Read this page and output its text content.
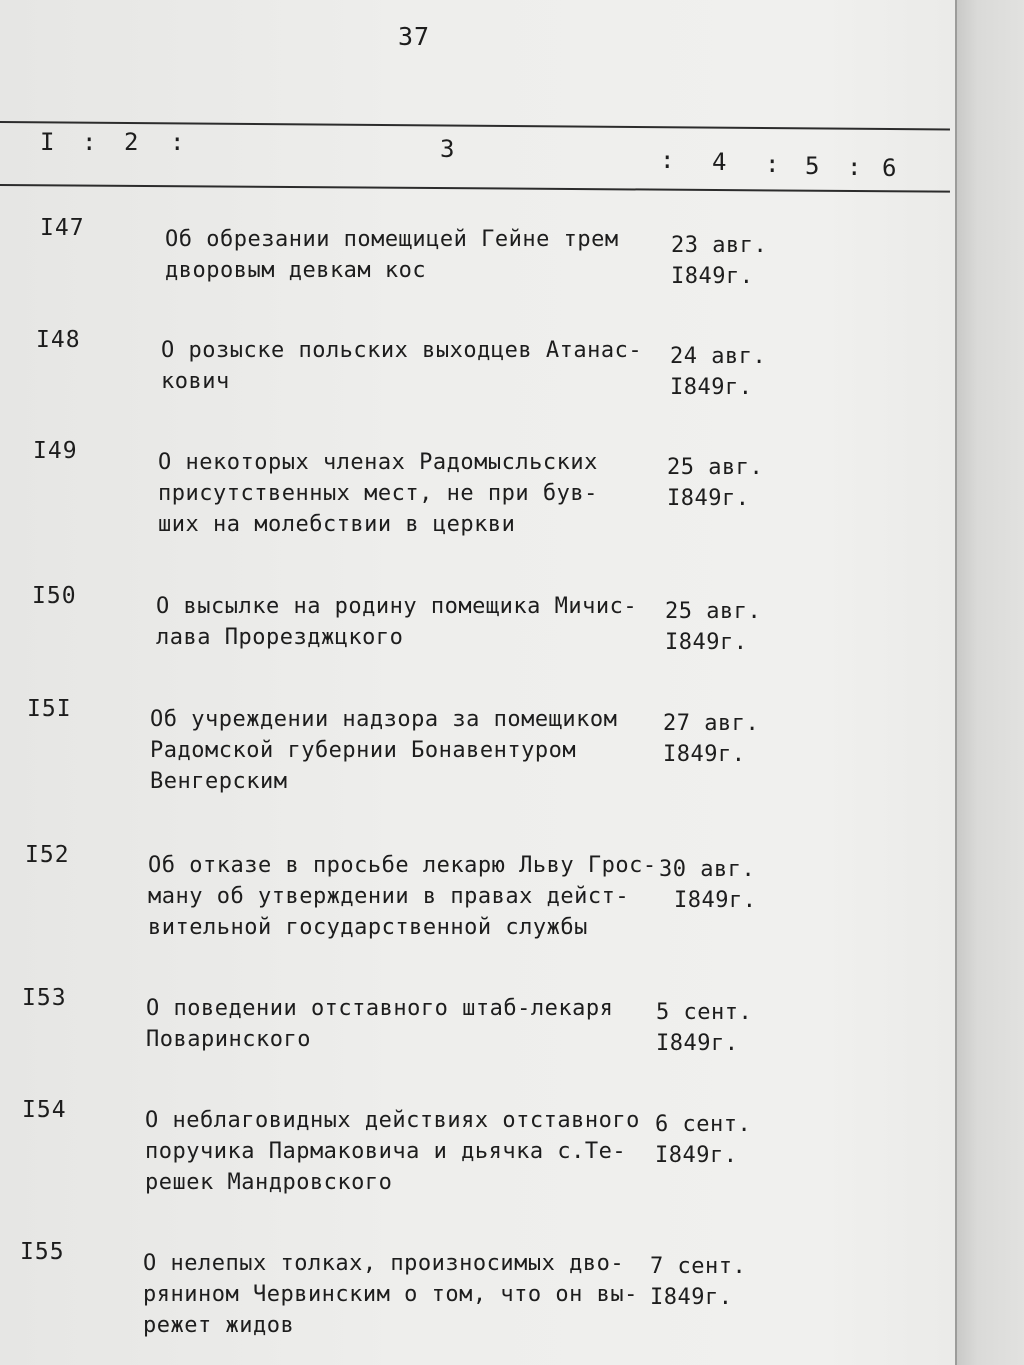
37
I : 2 :	3	: 4 : 5 : 6
I47	Об обрезании помещицей Гейне трем
дворовым девкам кос
23 авг.
I849г.
I48	О розыске польских выходцев Атанас-
кович
24 авг.
I849г.
I49	О некоторых членах Радомысльских
присутственных мест, не при бyв-
ших на молебствии в церкви
25 авг.
I849г.
I50	О высылке на родину помещика Мичис-
лава Прорезджцкого
25 авг.
I849г.
I5I	Об учреждении надзора за помещиком
Радомской губернии Бонавентуром
Венгерским
27 авг.
I849г.
I52	Об отказе в просьбе лекарю Льву Грос-
ману об утверждении в правах дейст-
вительной государственной службы
30 авг.
I849г.
I53	О поведении отставного штаб-лекаря
Поваринского
5 сент.
I849г.
I54	О неблаговидных действиях отставного
поручика Пармаковича и дьячка с.Те-
решек Мандровского
6 сент.
I849г.
I55	О нелепых толках, произносимых дво-
рянином Червинским о том, что он вы-
режет жидов
7 сент.
I849г.
